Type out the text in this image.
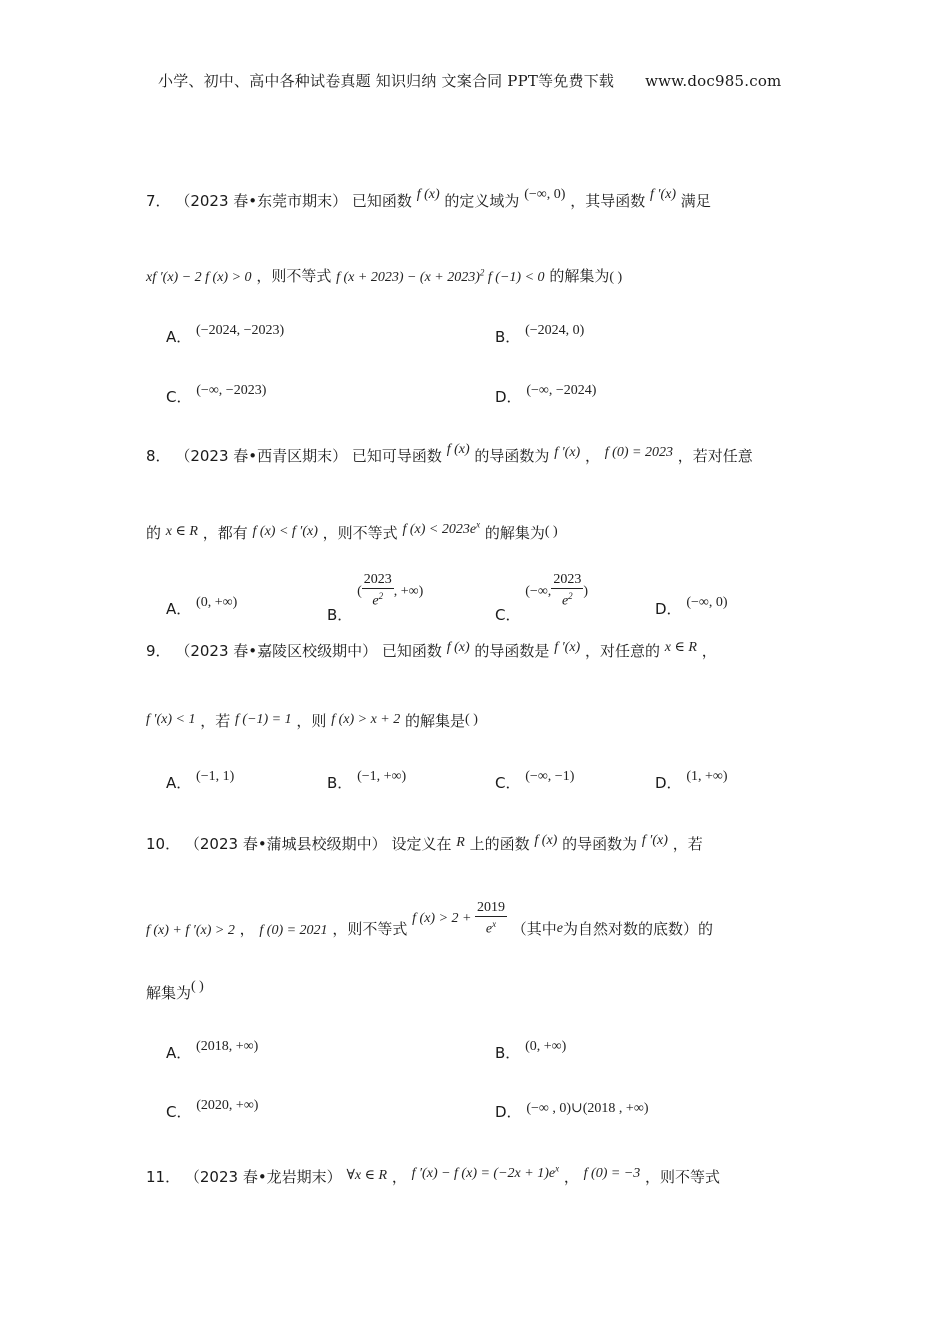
小学、初中、高中各种试卷真题 知识归纳 文案合同 PPT等免费下载 www.doc985.com
7． （2023 春•东莞市期末） 已知函数 f (x) 的定义域为 (−∞, 0) ，其导函数 f ′(x) 满足
xf ′(x) − 2 f (x) > 0 ，则不等式 f $(x + 2023) - (x + 2023)^2$ f (−1) < 0 的解集为( )
A． (−2024, −2023)	B． (−2024, 0)
C． (−∞, −2023)	D． (−∞, −2024)
8． （2023 春•西青区期末） 已知可导函数 f (x) 的导函数为 f ′(x) ， f (0) = 2023 ，若对任意
的 x ∈ R ，都有 f (x) < f ′(x) ，则不等式 f $(x) < 2023e^x$ 的解集为( )
A． (0, +∞)
B． ( $\frac{2023}{e^2}$ , +∞)
C． (−∞, $\frac{2023}{e^2}$ )
D． (−∞, 0)
9． （2023 春•嘉陵区校级期中） 已知函数 f (x) 的导函数是 f ′(x) ，对任意的 x ∈ R ，
f ′(x) < 1 ，若 f (−1) = 1 ，则 f (x) > x + 2 的解集是( )
A． (−1, 1)	B． (−1, +∞)	C． (−∞, −1)	D． (1, +∞)
10． （2023 春•蒲城县校级期中） 设定义在 R 上的函数 f (x) 的导函数为 f ′(x) ，若
f (x) + f ′(x) > 2 ， f (0) = 2021 ，则不等式 f $(x) > 2 + \frac{2019}{e^x}$ （其中e为自然对数的底数）的
解集为( )
A． (2018, +∞)	B． (0, +∞)
C． (2020, +∞)	D． (−∞ , 0)∪(2018 , +∞)
11． （2023 春•龙岩期末） ∀x ∈ R ， f ′(x) − f $(x) = (-2x + 1)e^x$ ， f (0) = −3 ，则不等式
